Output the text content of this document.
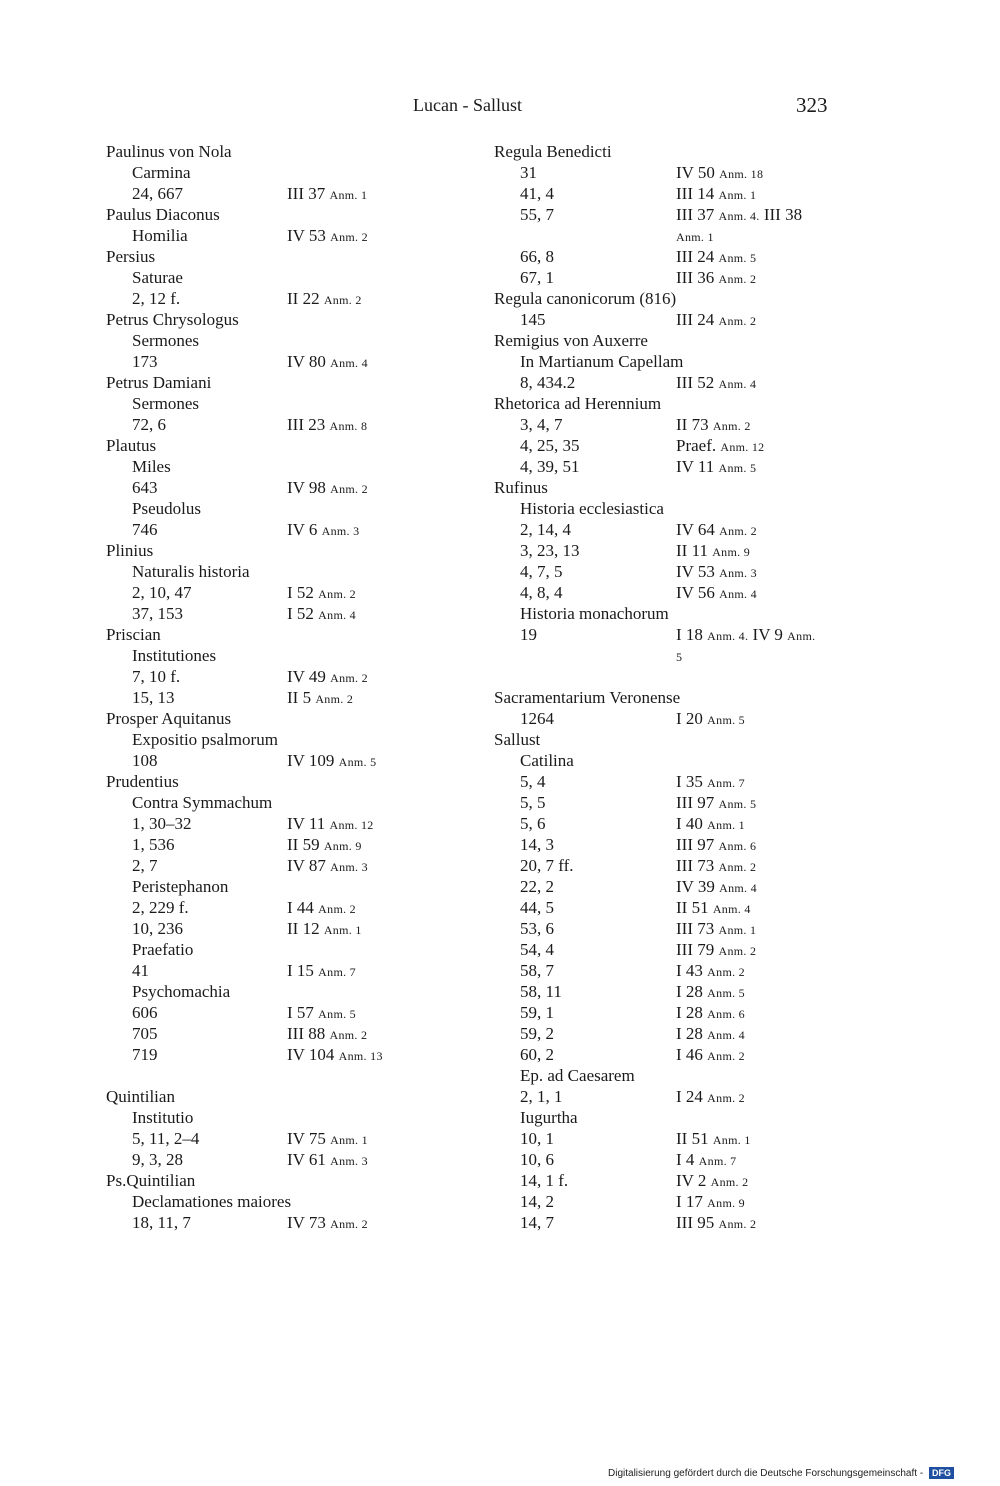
Lucan - Sallust	323
Paulinus von Nola
Carmina
24, 667	III 37 Anm. 1
Paulus Diaconus
Homilia	IV 53 Anm. 2
Persius
Saturae
2, 12 f.	II 22 Anm. 2
Petrus Chrysologus
Sermones
173	IV 80 Anm. 4
Petrus Damiani
Sermones
72, 6	III 23 Anm. 8
Plautus
Miles
643	IV 98 Anm. 2
Pseudolus
746	IV 6 Anm. 3
Plinius
Naturalis historia
2, 10, 47	I 52 Anm. 2
37, 153	I 52 Anm. 4
Priscian
Institutiones
7, 10 f.	IV 49 Anm. 2
15, 13	II 5 Anm. 2
Prosper Aquitanus
Expositio psalmorum
108	IV 109 Anm. 5
Prudentius
Contra Symmachum
1, 30–32	IV 11 Anm. 12
1, 536	II 59 Anm. 9
2, 7	IV 87 Anm. 3
Peristephanon
2, 229 f.	I 44 Anm. 2
10, 236	II 12 Anm. 1
Praefatio
41	I 15 Anm. 7
Psychomachia
606	I 57 Anm. 5
705	III 88 Anm. 2
719	IV 104 Anm. 13
Quintilian
Institutio
5, 11, 2–4	IV 75 Anm. 1
9, 3, 28	IV 61 Anm. 3
Ps.Quintilian
Declamationes maiores
18, 11, 7	IV 73 Anm. 2
Regula Benedicti
31	IV 50 Anm. 18
41, 4	III 14 Anm. 1
55, 7	III 37 Anm. 4. III 38
Anm. 1
66, 8	III 24 Anm. 5
67, 1	III 36 Anm. 2
Regula canonicorum (816)
145	III 24 Anm. 2
Remigius von Auxerre
In Martianum Capellam
8, 434.2	III 52 Anm. 4
Rhetorica ad Herennium
3, 4, 7	II 73 Anm. 2
4, 25, 35	Praef. Anm. 12
4, 39, 51	IV 11 Anm. 5
Rufinus
Historia ecclesiastica
2, 14, 4	IV 64 Anm. 2
3, 23, 13	II 11 Anm. 9
4, 7, 5	IV 53 Anm. 3
4, 8, 4	IV 56 Anm. 4
Historia monachorum
19	I 18 Anm. 4. IV 9 Anm.
5
Sacramentarium Veronense
1264	I 20 Anm. 5
Sallust
Catilina
5, 4	I 35 Anm. 7
5, 5	III 97 Anm. 5
5, 6	I 40 Anm. 1
14, 3	III 97 Anm. 6
20, 7 ff.	III 73 Anm. 2
22, 2	IV 39 Anm. 4
44, 5	II 51 Anm. 4
53, 6	III 73 Anm. 1
54, 4	III 79 Anm. 2
58, 7	I 43 Anm. 2
58, 11	I 28 Anm. 5
59, 1	I 28 Anm. 6
59, 2	I 28 Anm. 4
60, 2	I 46 Anm. 2
Ep. ad Caesarem
2, 1, 1	I 24 Anm. 2
Iugurtha
10, 1	II 51 Anm. 1
10, 6	I 4 Anm. 7
14, 1 f.	IV 2 Anm. 2
14, 2	I 17 Anm. 9
14, 7	III 95 Anm. 2
Digitalisierung gefördert durch die Deutsche Forschungsgemeinschaft - DFG
